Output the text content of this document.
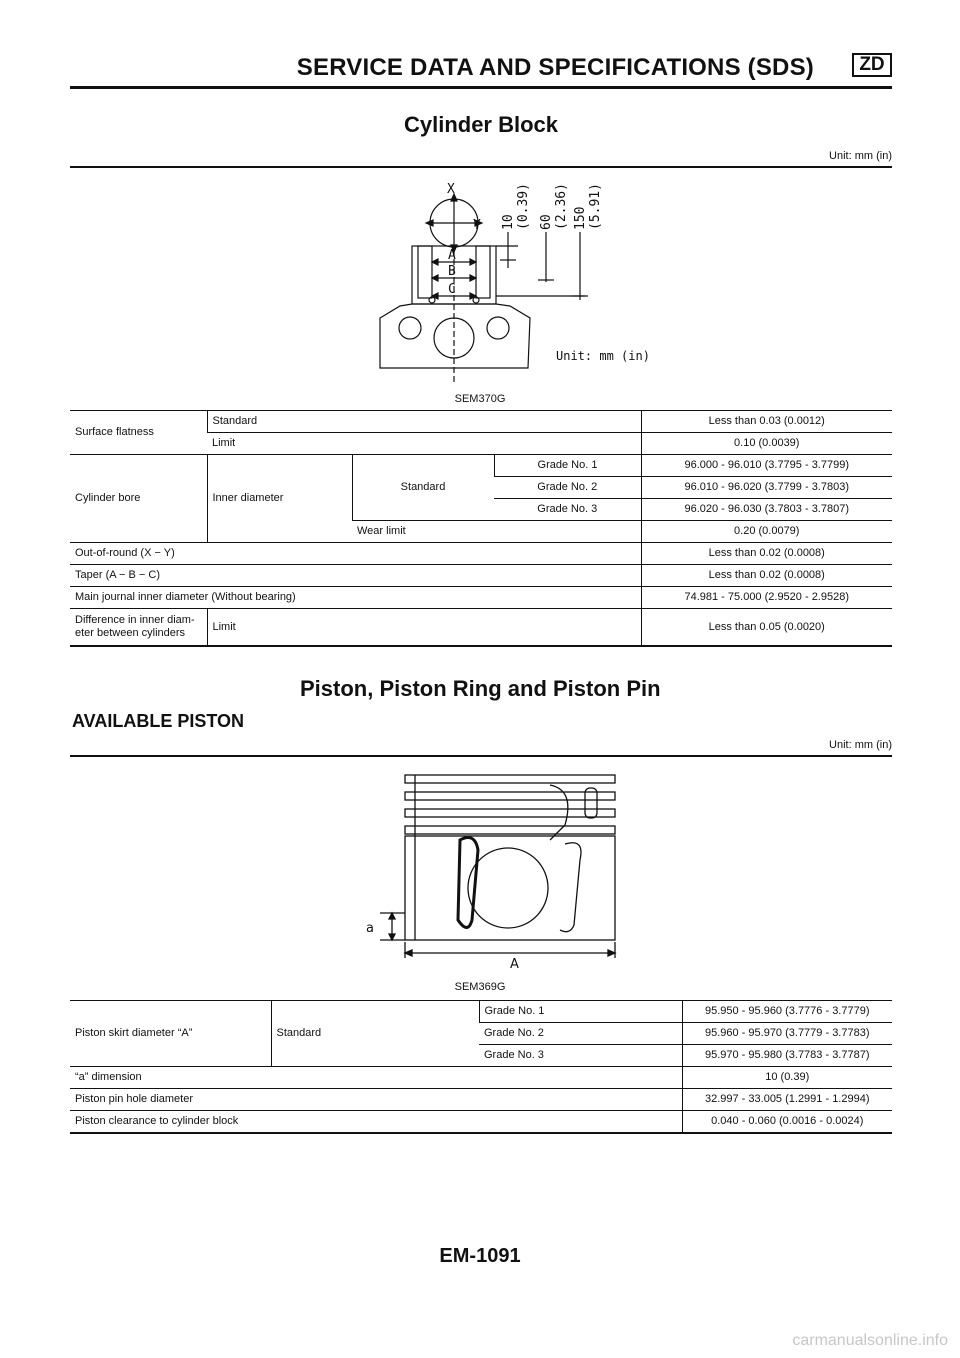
SERVICE DATA AND SPECIFICATIONS (SDS)	ZD
Cylinder Block
Unit: mm (in)
X
Y
A
B
C
10 (0.39) 60 (2.36) 150 (5.91)
Unit: mm (in)
SEM370G
Surface flatness	Standard			Less than 0.03 (0.0012)
	Limit			0.10 (0.0039)
Cylinder bore	Inner diameter	Standard	Grade No. 1	96.000 - 96.010 (3.7795 - 3.7799)
			Grade No. 2	96.010 - 96.020 (3.7799 - 3.7803)
			Grade No. 3	96.020 - 96.030 (3.7803 - 3.7807)
		Wear limit		0.20 (0.0079)
Out-of-round (X − Y)				Less than 0.02 (0.0008)
Taper (A − B − C)				Less than 0.02 (0.0008)
Main journal inner diameter (Without bearing)				74.981 - 75.000 (2.9520 - 2.9528)

Difference in inner diam-
eter between cylinders	Limit			Less than 0.05 (0.0020)
Piston, Piston Ring and Piston Pin
AVAILABLE PISTON
Unit: mm (in)
a
A
SEM369G
Piston skirt diameter “A”	Standard	Grade No. 1	95.950 - 95.960 (3.7776 - 3.7779)
		Grade No. 2	95.960 - 95.970 (3.7779 - 3.7783)
		Grade No. 3	95.970 - 95.980 (3.7783 - 3.7787)
“a” dimension			10 (0.39)
Piston pin hole diameter			32.997 - 33.005 (1.2991 - 1.2994)
Piston clearance to cylinder block			0.040 - 0.060 (0.0016 - 0.0024)
EM-1091
carmanualsonline.info
